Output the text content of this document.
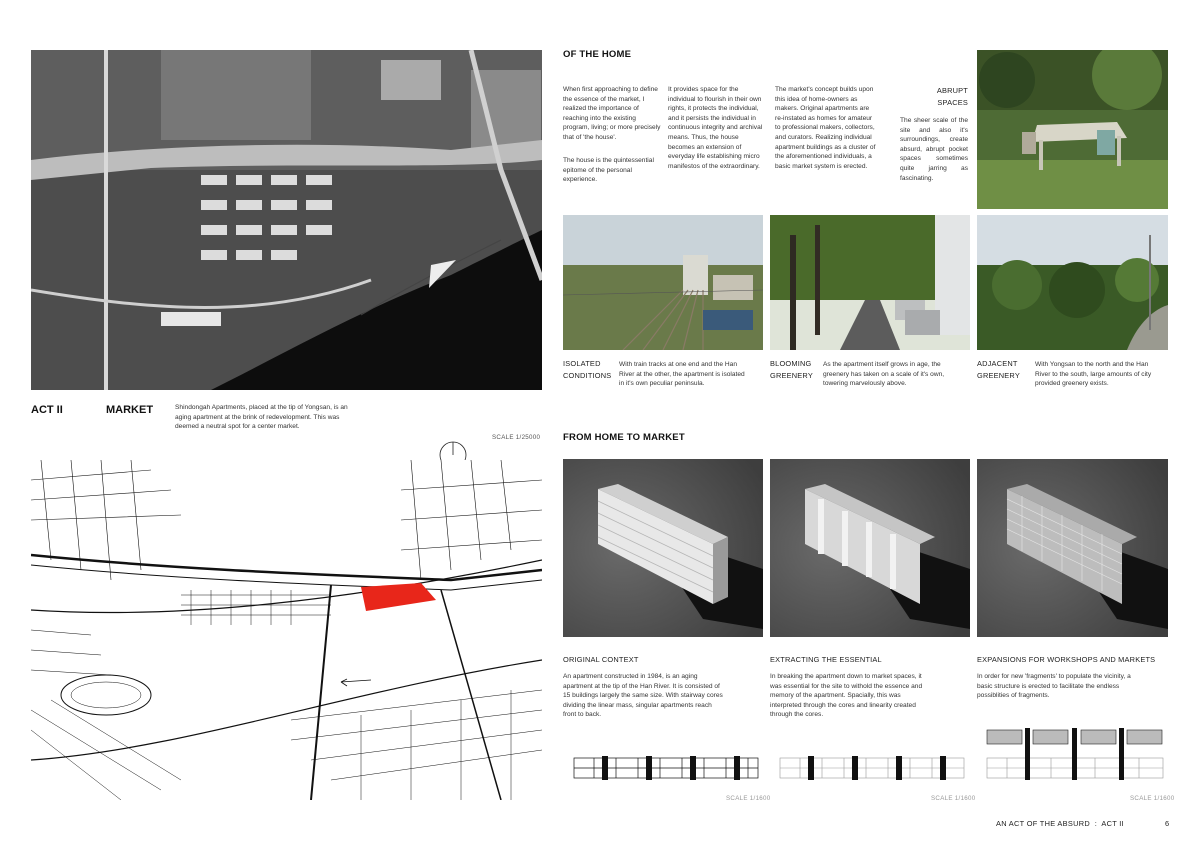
ACT II	MARKET	Shindongah Apartments, placed at the tip of Yongsan, is an aging apartment at the brink of redevelopment. This was deemed a neutral spot for a center market.
SCALE 1/25000
OF THE HOME
When first approaching to define the essence of the market, I realized the importance of reaching into the existing program, living; or more precisely that of 'the house'.
The house is the quintessential epitome of the personal experience.
It provides space for the individual to flourish in their own rights, it protects the individual, and it persists the individual in continuous integrity and archival means. Thus, the house becomes an extension of everyday life establishing micro manifestos of the extraordinary.
The market's concept builds upon this idea of home-owners as makers. Original apartments are re-instated as homes for amateur to professional makers, collectors, and curators. Realizing individual apartment buildings as a cluster of the aforementioned individuals, a basic market system is erected.
ABRUPT SPACES
The sheer scale of the site and also it's surroundings, create absurd, abrupt pocket spaces sometimes quite jarring as fascinating.
ISOLATED CONDITIONS
With train tracks at one end and the Han River at the other, the apartment is isolated in it's own peculiar peninsula.
BLOOMING GREENERY
As the apartment itself grows in age, the greenery has taken on a scale of it's own, towering marvelously above.
ADJACENT GREENERY
With Yongsan to the north and the Han River to the south, large amounts of city provided greenery exists.
FROM HOME TO MARKET
ORIGINAL CONTEXT
An apartment constructed in 1984, is an aging apartment at the tip of the Han River. It is consisted of 15 buildings largely the same size. With stairway cores dividing the linear mass, singular apartments reach front to back.
EXTRACTING THE ESSENTIAL
In breaking the apartment down to market spaces, it was essential for the site to withold the essence and memory of the apartment. Spacially, this was interpreted through the cores and linearity created through the cores.
EXPANSIONS FOR WORKSHOPS AND MARKETS
In order for new 'fragments' to populate the vicinity, a basic structure is erected to facilitate the endless possiblities of fragments.
SCALE 1/1600	SCALE 1/1600	SCALE 1/1600
AN ACT OF THE ABSURD  :  ACT II	6
